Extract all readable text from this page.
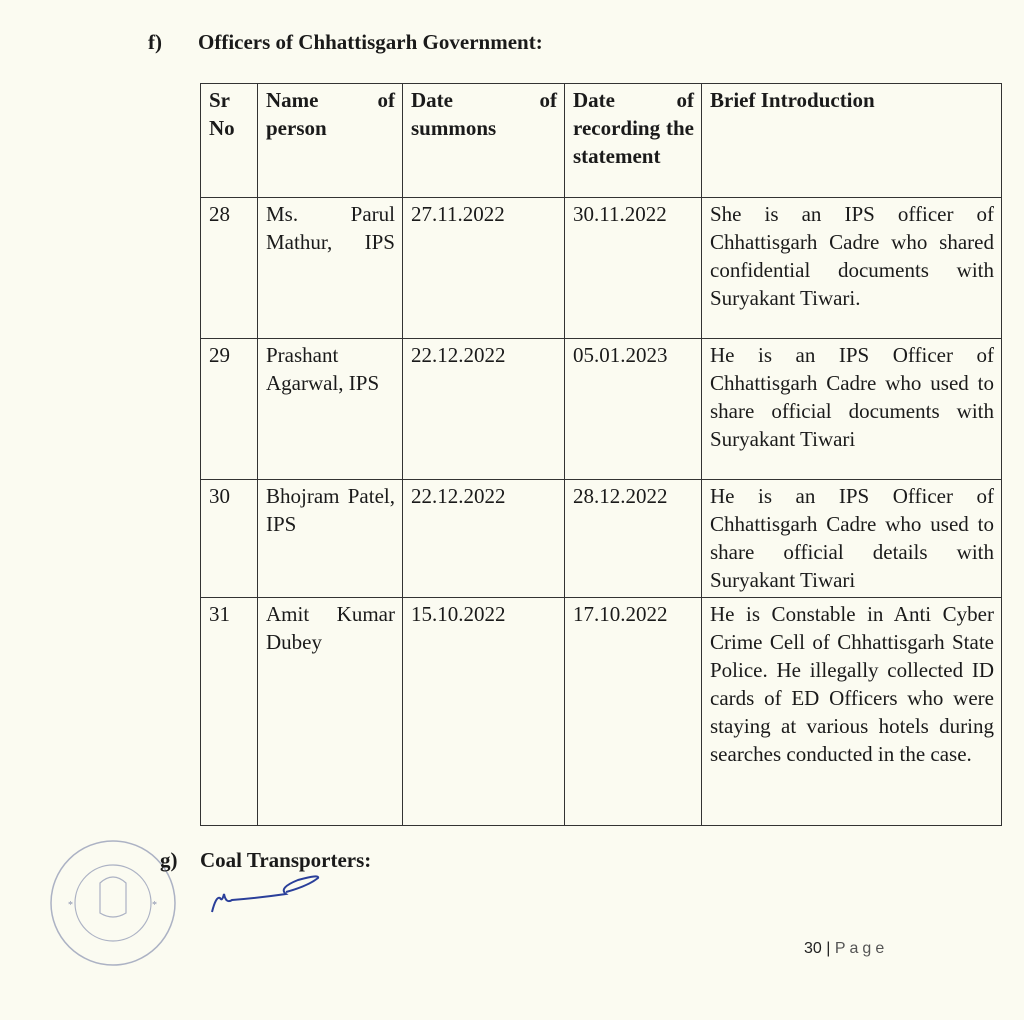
f) Officers of Chhattisgarh Government:
Sr No	Name of person	Date of summons	Date of recording the statement	Brief Introduction
28	Ms. Parul Mathur, IPS	27.11.2022	30.11.2022	She is an IPS officer of Chhattisgarh Cadre who shared confidential documents with Suryakant Tiwari.
29	Prashant Agarwal, IPS	22.12.2022	05.01.2023	He is an IPS Officer of Chhattisgarh Cadre who used to share official documents with Suryakant Tiwari
30	Bhojram Patel, IPS	22.12.2022	28.12.2022	He is an IPS Officer of Chhattisgarh Cadre who used to share official details with Suryakant Tiwari
31	Amit Kumar Dubey	15.10.2022	17.10.2022	He is Constable in Anti Cyber Crime Cell of Chhattisgarh State Police. He illegally collected ID cards of ED Officers who were staying at various hotels during searches conducted in the case.
*	*
g) Coal Transporters:
30 | Page
